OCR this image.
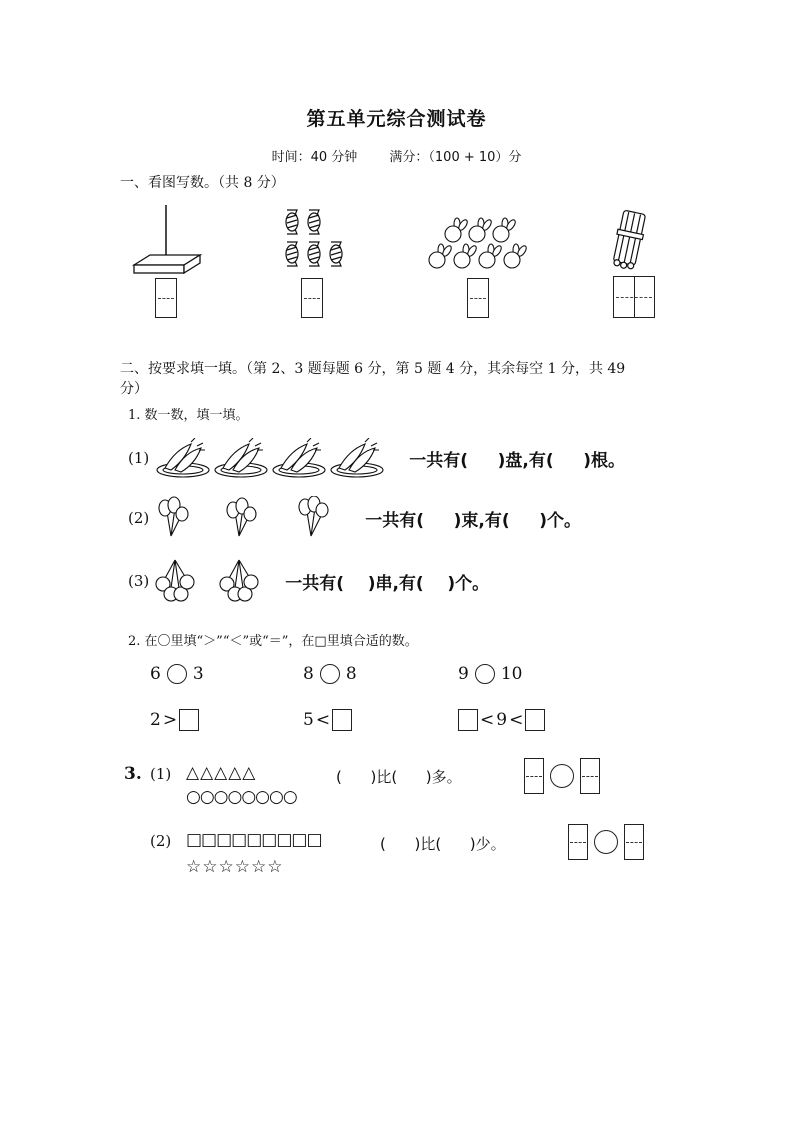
第五单元综合测试卷
时间：40 分钟 满分：（100 + 10）分
一、看图写数。（共 8 分）
二、按要求填一填。（第 2、3 题每题 6 分，第 5 题 4 分，其余每空 1 分，共 49
分）
1. 数一数，填一填。
(1)	一共有(     )盘,有(     )根。
(2)	一共有(     )束,有(     )个。
(3)	一共有(    )串,有(    )个。
2. 在〇里填“＞”“＜”或“＝”，在□里填合适的数。
6 3	8 8	9 10
2 >	5 <	< 9 <
3. (1) △△△△△
○○○○○○○○
(      )比(      )多。
(2) □□□□□□□□□
☆☆☆☆☆☆
(      )比(      )少。
